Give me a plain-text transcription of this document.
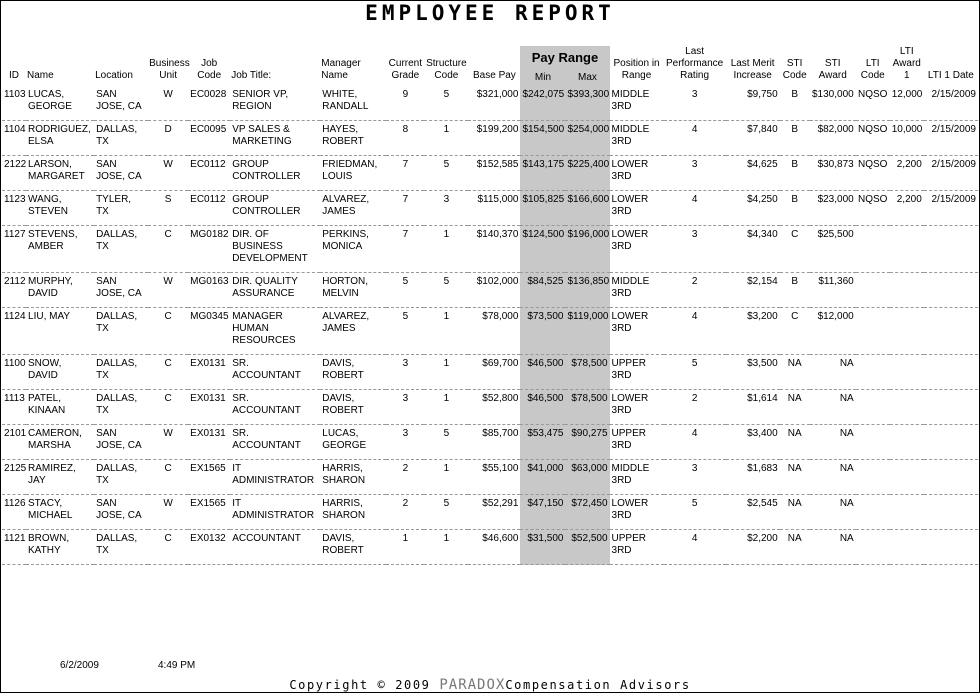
EMPLOYEE REPORT
ID	Name	Location	Business Unit	Job Code	Job Title:	Manager Name	Current Grade	Structure Code	Base Pay	Pay Range		Position in Range	Last Performance Rating	Last Merit Increase	STI Code	STI Award	LTI Code	LTI Award 1	LTI 1 Date
										Min	Max								
1103	LUCAS, GEORGE	SAN JOSE, CA	W	EC0028	SENIOR VP, REGION	WHITE, RANDALL	9	5	$321,000	$242,075	$393,300	MIDDLE 3RD	3	$9,750	B	$130,000	NQSO	12,000	2/15/2009
1104	RODRIGUEZ, ELSA	DALLAS, TX	D	EC0095	VP SALES & MARKETING	HAYES, ROBERT	8	1	$199,200	$154,500	$254,000	MIDDLE 3RD	4	$7,840	B	$82,000	NQSO	10,000	2/15/2009
2122	LARSON, MARGARET	SAN JOSE, CA	W	EC0112	GROUP CONTROLLER	FRIEDMAN, LOUIS	7	5	$152,585	$143,175	$225,400	LOWER 3RD	3	$4,625	B	$30,873	NQSO	2,200	2/15/2009
1123	WANG, STEVEN	TYLER, TX	S	EC0112	GROUP CONTROLLER	ALVAREZ, JAMES	7	3	$115,000	$105,825	$166,600	LOWER 3RD	4	$4,250	B	$23,000	NQSO	2,200	2/15/2009
1127	STEVENS, AMBER	DALLAS, TX	C	MG0182	DIR. OF BUSINESS DEVELOPMENT	PERKINS, MONICA	7	1	$140,370	$124,500	$196,000	LOWER 3RD	3	$4,340	C	$25,500			
2112	MURPHY, DAVID	SAN JOSE, CA	W	MG0163	DIR. QUALITY ASSURANCE	HORTON, MELVIN	5	5	$102,000	$84,525	$136,850	MIDDLE 3RD	2	$2,154	B	$11,360			
1124	LIU, MAY	DALLAS, TX	C	MG0345	MANAGER HUMAN RESOURCES	ALVAREZ, JAMES	5	1	$78,000	$73,500	$119,000	LOWER 3RD	4	$3,200	C	$12,000			
1100	SNOW, DAVID	DALLAS, TX	C	EX0131	SR. ACCOUNTANT	DAVIS, ROBERT	3	1	$69,700	$46,500	$78,500	UPPER 3RD	5	$3,500	NA	NA			
1113	PATEL, KINAAN	DALLAS, TX	C	EX0131	SR. ACCOUNTANT	DAVIS, ROBERT	3	1	$52,800	$46,500	$78,500	LOWER 3RD	2	$1,614	NA	NA			
2101	CAMERON, MARSHA	SAN JOSE, CA	W	EX0131	SR. ACCOUNTANT	LUCAS, GEORGE	3	5	$85,700	$53,475	$90,275	UPPER 3RD	4	$3,400	NA	NA			
2125	RAMIREZ, JAY	DALLAS, TX	C	EX1565	IT ADMINISTRATOR	HARRIS, SHARON	2	1	$55,100	$41,000	$63,000	MIDDLE 3RD	3	$1,683	NA	NA			
1126	STACY, MICHAEL	SAN JOSE, CA	W	EX1565	IT ADMINISTRATOR	HARRIS, SHARON	2	5	$52,291	$47,150	$72,450	LOWER 3RD	5	$2,545	NA	NA			
1121	BROWN, KATHY	DALLAS, TX	C	EX0132	ACCOUNTANT	DAVIS, ROBERT	1	1	$46,600	$31,500	$52,500	UPPER 3RD	4	$2,200	NA	NA			
6/2/2009	4:49 PM
Copyright © 2009 PARADOXCompensation Advisors
